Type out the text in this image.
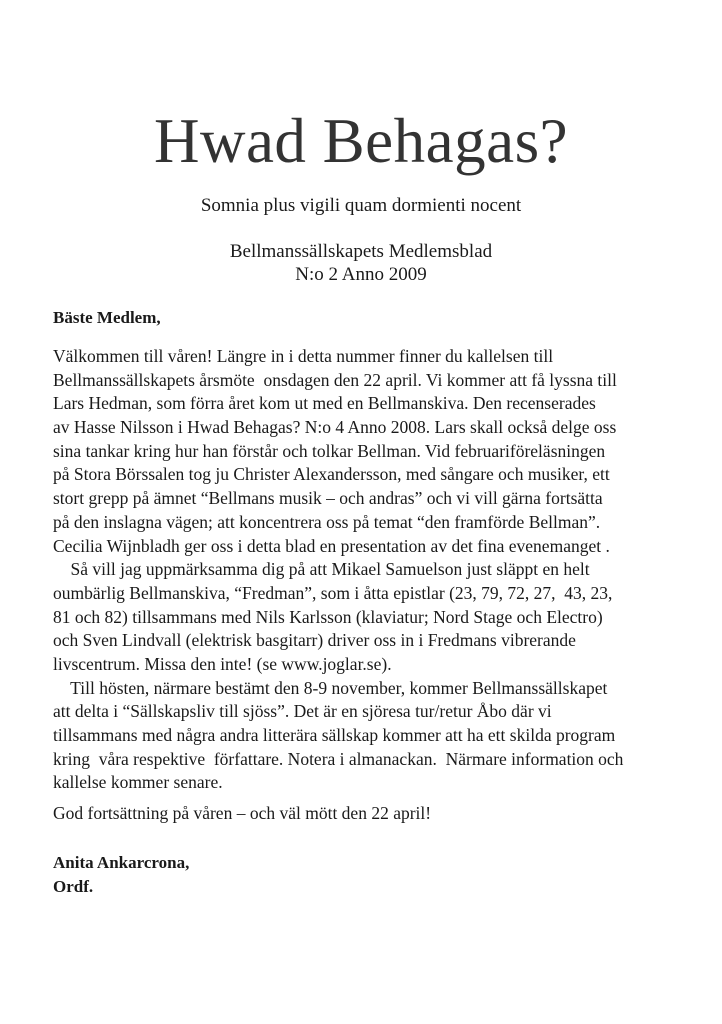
Hwad Behagas?
Somnia plus vigili quam dormienti nocent
Bellmanssällskapets Medlemsblad
N:o 2 Anno 2009
Bäste Medlem,
Välkommen till våren! Längre in i detta nummer finner du kallelsen till
Bellmanssällskapets årsmöte  onsdagen den 22 april. Vi kommer att få lyssna till
Lars Hedman, som förra året kom ut med en Bellmanskiva. Den recenserades
av Hasse Nilsson i Hwad Behagas? N:o 4 Anno 2008. Lars skall också delge oss
sina tankar kring hur han förstår och tolkar Bellman. Vid februariföreläsningen
på Stora Börssalen tog ju Christer Alexandersson, med sångare och musiker, ett
stort grepp på ämnet “Bellmans musik – och andras” och vi vill gärna fortsätta
på den inslagna vägen; att koncentrera oss på temat “den framförde Bellman”.
Cecilia Wijnbladh ger oss i detta blad en presentation av det fina evenemanget .
Så vill jag uppmärksamma dig på att Mikael Samuelson just släppt en helt
oumbärlig Bellmanskiva, “Fredman”, som i åtta epistlar (23, 79, 72, 27,  43, 23,
81 och 82) tillsammans med Nils Karlsson (klaviatur; Nord Stage och Electro)
och Sven Lindvall (elektrisk basgitarr) driver oss in i Fredmans vibrerande
livscentrum. Missa den inte! (se www.joglar.se).
Till hösten, närmare bestämt den 8-9 november, kommer Bellmanssällskapet
att delta i “Sällskapsliv till sjöss”. Det är en sjöresa tur/retur Åbo där vi
tillsammans med några andra litterära sällskap kommer att ha ett skilda program
kring  våra respektive  författare. Notera i almanackan.  Närmare information och
kallelse kommer senare.
God fortsättning på våren – och väl mött den 22 april!
Anita Ankarcrona,
Ordf.
